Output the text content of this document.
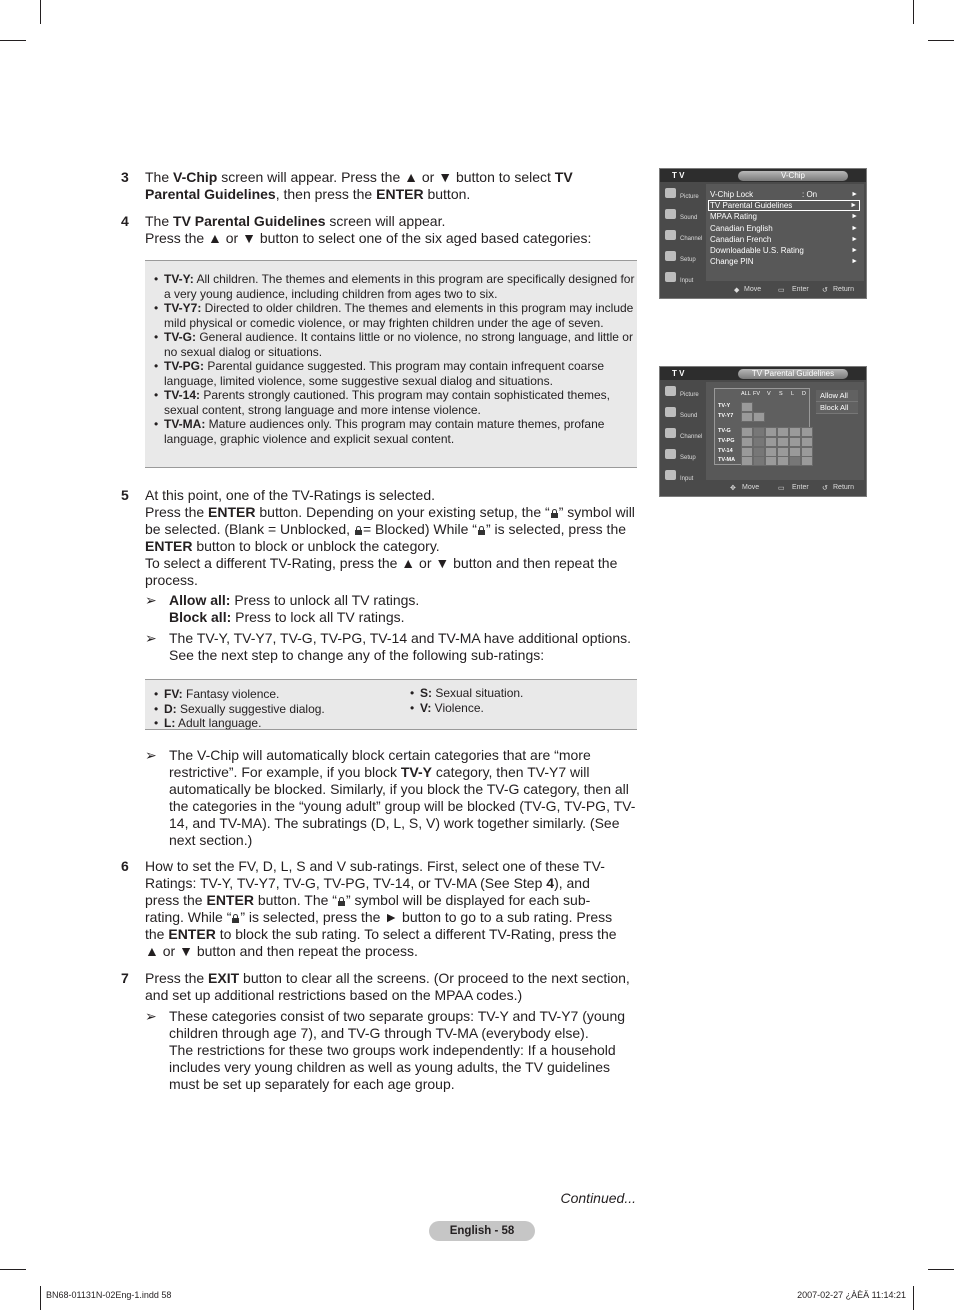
3 The V-Chip screen will appear. Press the ▲ or ▼ button to select TV Parental Guidelines, then press the ENTER button.
4 The TV Parental Guidelines screen will appear.

Press the ▲ or ▼ button to select one of the six aged based categories:

• TV-Y: All children. The themes and elements in this program are specifically designed for a very young audience, including children from ages two to six.
• TV-Y7: Directed to older children. The themes and elements in this program may include mild physical or comedic violence, or may frighten children under the age of seven.
• TV-G: General audience. It contains little or no violence, no strong language, and little or no sexual dialog or situations.
• TV-PG: Parental guidance suggested. This program may contain infrequent coarse language, limited violence, some suggestive sexual dialog and situations.
• TV-14: Parents strongly cautioned. This program may contain sophisticated themes, sexual content, strong language and more intense violence.
• TV-MA: Mature audiences only. This program may contain mature themes, profane language, graphic violence and explicit sexual content.
5 At this point, one of the TV-Ratings is selected.

Press the ENTER button. Depending on your existing setup, the “ ” symbol will be selected. (Blank = Unblocked, = Blocked) While “ ” is selected, press the ENTER button to block or unblock the category.

To select a different TV-Rating, press the ▲ or ▼ button and then repeat the process.

➢ Allow all: Press to unlock all TV ratings.

Block all: Press to lock all TV ratings.

➢ The TV-Y, TV-Y7, TV-G, TV-PG, TV-14 and TV-MA have additional options. See the next step to change any of the following sub-ratings:

• FV: Fantasy violence.
• D: Sexually suggestive dialog.
• L: Adult language.
• S: Sexual situation.
• V: Violence.
➢ The V-Chip will automatically block certain categories that are “more restrictive”. For example, if you block TV-Y category, then TV-Y7 will automatically be blocked. Similarly, if you block the TV-G category, then all the categories in the “young adult” group will be blocked (TV-G, TV-PG, TV-14, and TV-MA). The subratings (D, L, S, V) work together similarly. (See next section.)

6 How to set the FV, D, L, S and V sub-ratings. First, select one of these TV-Ratings: TV-Y, TV-Y7, TV-G, TV-PG, TV-14, or TV-MA (See Step 4), and press the ENTER button. The “ ” symbol will be displayed for each sub-rating. While “ ” is selected, press the ► button to go to a sub rating. Press the ENTER to block the sub rating. To select a different TV-Rating, press the ▲ or ▼ button and then repeat the process.

7 Press the EXIT button to clear all the screens. (Or proceed to the next section, and set up additional restrictions based on the MPAA codes.)

➢ These categories consist of two separate groups: TV-Y and TV-Y7 (young children through age 7), and TV-G through TV-MA (everybody else).

The restrictions for these two groups work independently: If a household includes very young children as well as young adults, the TV guidelines must be set up separately for each age group.

T V	V-Chip
Picture
Sound
Channel
Setup
Input
V-Chip Lock	: On	►
TV Parental Guidelines	►
MPAA Rating	►
Canadian English	►
Canadian French	►
Downloadable U.S. Rating	►
Change PIN	►
◆ Move ▭ Enter ↺ Return
T V	TV Parental Guidelines
Picture
Sound
Channel
Setup
Input
ALL FV V S L D
TV-Y
TV-Y7
TV-G
TV-PG
TV-14
TV-MA
Allow All
Block All
✥ Move	▭ Enter ↺ Return
Continued...
English - 58
BN68-01131N-02Eng-1.indd 58	2007-02-27 ¿ÀÈÄ 11:14:21
